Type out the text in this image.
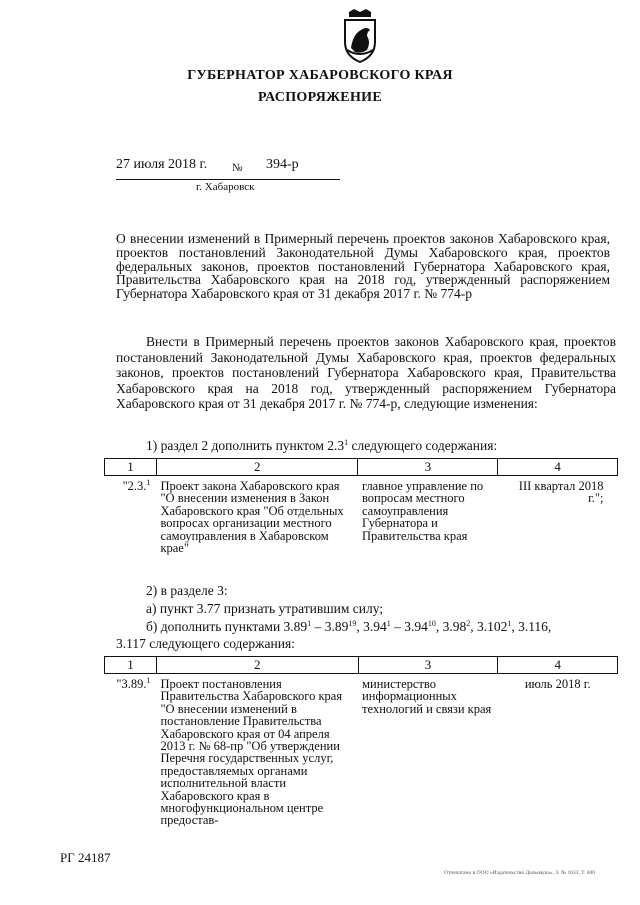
ГУБЕРНАТОР ХАБАРОВСКОГО КРАЯ
РАСПОРЯЖЕНИЕ
27 июля 2018 г. № 394-р
г. Хабаровск
О внесении изменений в Примерный перечень проектов законов Хабаровского края, проектов постановлений Законодательной Думы Хабаровского края, проектов федеральных законов, проектов постановлений Губернатора Хабаровского края, Правительства Хабаровского края на 2018 год, утвержденный распоряжением Губернатора Хабаровского края от 31 декабря 2017 г. № 774-р
Внести в Примерный перечень проектов законов Хабаровского края, проектов постановлений Законодательной Думы Хабаровского края, проектов федеральных законов, проектов постановлений Губернатора Хабаровского края, Правительства Хабаровского края на 2018 год, утвержденный распоряжением Губернатора Хабаровского края от 31 декабря 2017 г. № 774-р, следующие изменения:
1) раздел 2 дополнить пунктом $2.3^1$ следующего содержания:
1	2	3	4
"2.3.$^1$	Проект закона Хабаровского края "О внесении изменения в Закон Хабаровского края "Об отдельных вопросах организации местного самоуправления в Хабаровском крае"	главное управление по вопросам местного самоуправления Губернатора и Правительства края	III квартал 2018 г.";
2) в разделе 3:
а) пункт 3.77 признать утратившим силу;
б) дополнить пунктами 3.89$^1$ – 3.89$^{19}$, 3.94$^1$ – 3.94$^{10}$, 3.98$^2$, 3.102$^1$, 3.116,
3.117 следующего содержания:
1	2	3	4
"3.89.$^1$	Проект постановления Правительства Хабаровского края "О внесении изменений в постановление Правительства Хабаровского края от 04 апреля 2013 г. № 68-пр "Об утверждении Перечня государственных услуг, предоставляемых органами исполнительной власти Хабаровского края в многофункциональном центре предостав-	министерство информационных технологий и связи края	июль 2018 г.
РГ 24187
Отпечатано в ООО «Издательство Дальнаука», З. № 1633, Т. 600
